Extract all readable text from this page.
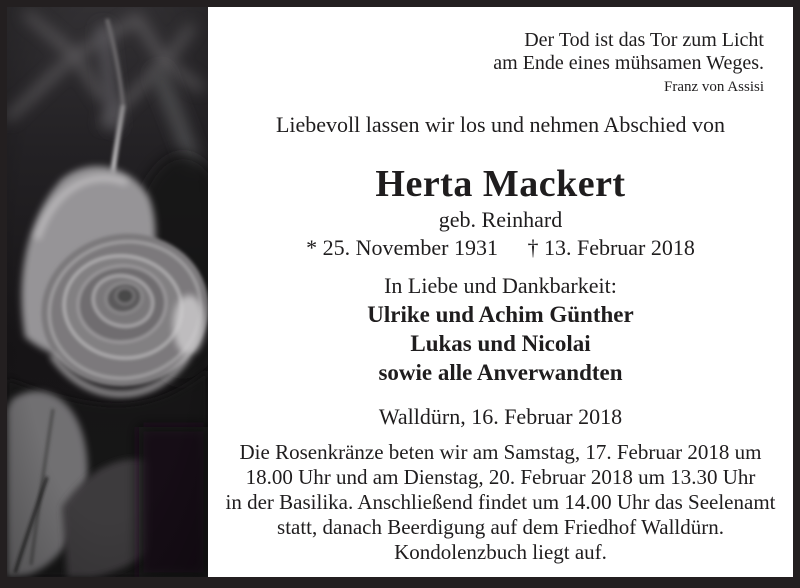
Der Tod ist das Tor zum Licht
am Ende eines mühsamen Weges.
Franz von Assisi
Liebevoll lassen wir los und nehmen Abschied von
Herta Mackert
geb. Reinhard
* 25. November 1931 † 13. Februar 2018
In Liebe und Dankbarkeit:
Ulrike und Achim Günther
Lukas und Nicolai
sowie alle Anverwandten
Walldürn, 16. Februar 2018
Die Rosenkränze beten wir am Samstag, 17. Februar 2018 um
18.00 Uhr und am Dienstag, 20. Februar 2018 um 13.30 Uhr
in der Basilika. Anschließend findet um 14.00 Uhr das Seelenamt
statt, danach Beerdigung auf dem Friedhof Walldürn.
Kondolenzbuch liegt auf.
